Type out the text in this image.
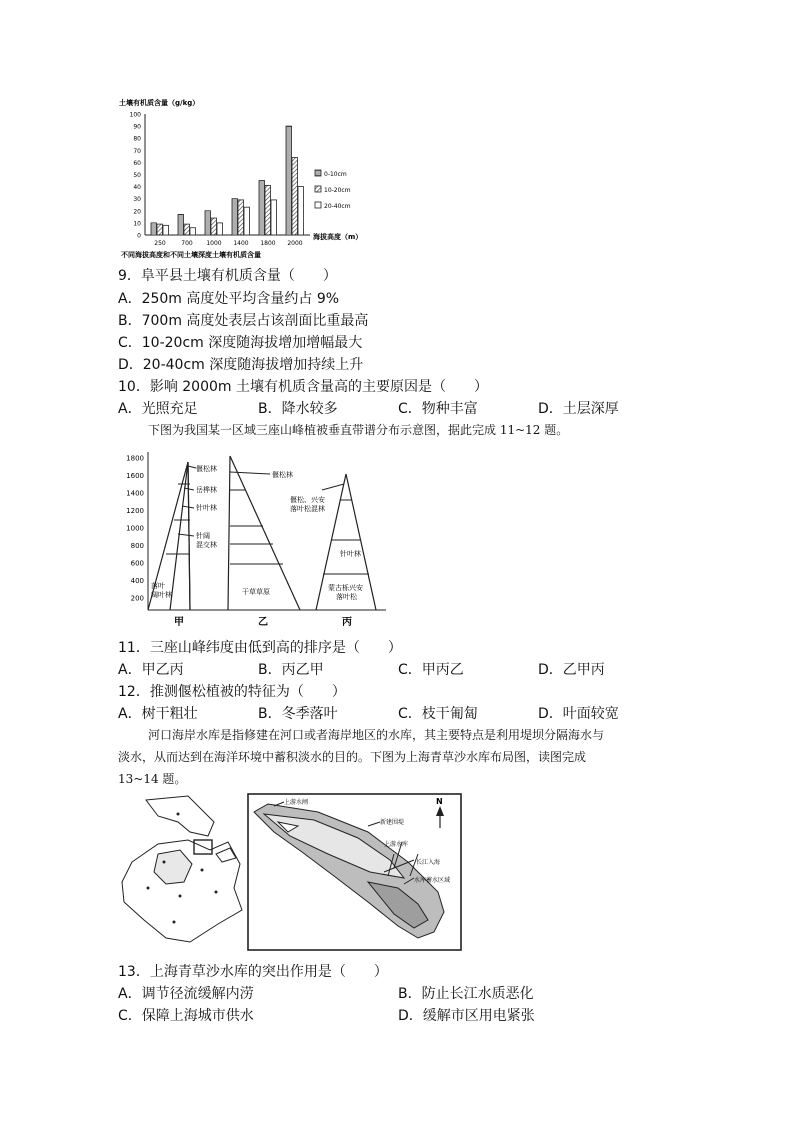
土壤有机质含量（g/kg）
0
10
20
30
40
50
60
70
80
90
100
250	700 1000 1400 1800 2000
海拔高度（m）
不同海拔高度和不同土壤深度土壤有机质含量
0-10cm
10-20cm
20-40cm
9．阜平县土壤有机质含量（　　）
A．250m 高度处平均含量约占 9%
B．700m 高度处表层占该剖面比重最高
C．10-20cm 深度随海拔增加增幅最大
D．20-40cm 深度随海拔增加持续上升
10．影响 2000m 土壤有机质含量高的主要原因是（　　）
A．光照充足	B．降水较多	C．物种丰富	D．土层深厚
下图为我国某一区域三座山峰植被垂直带谱分布示意图，据此完成 11~12 题。
200
400
600
800
1000
1200
1400
1600
1800
偃松林
岳桦林
针叶林
针阔
混交林
落叶
阔叶林
偃松林
干草草原
偃松、兴安
落叶松混林
针叶林
蒙古栎兴安
落叶松
甲	乙	丙
11．三座山峰纬度由低到高的排序是（　　）
A．甲乙丙	B．丙乙甲	C．甲丙乙	D．乙甲丙
12．推测偃松植被的特征为（　　）
A．树干粗壮	B．冬季落叶	C．枝干匍匐	D．叶面较宽
河口海岸水库是指修建在河口或者海岸地区的水库，其主要特点是利用堤坝分隔海水与
淡水，从而达到在海洋环境中蓄积淡水的目的。下图为上海青草沙水库布局图，读图完成
13~14 题。
上游水闸
新建围堤
上游水库
长江入海
水库蓄水区域
N
13．上海青草沙水库的突出作用是（　　）
A．调节径流缓解内涝	B．防止长江水质恶化
C．保障上海城市供水	D．缓解市区用电紧张
